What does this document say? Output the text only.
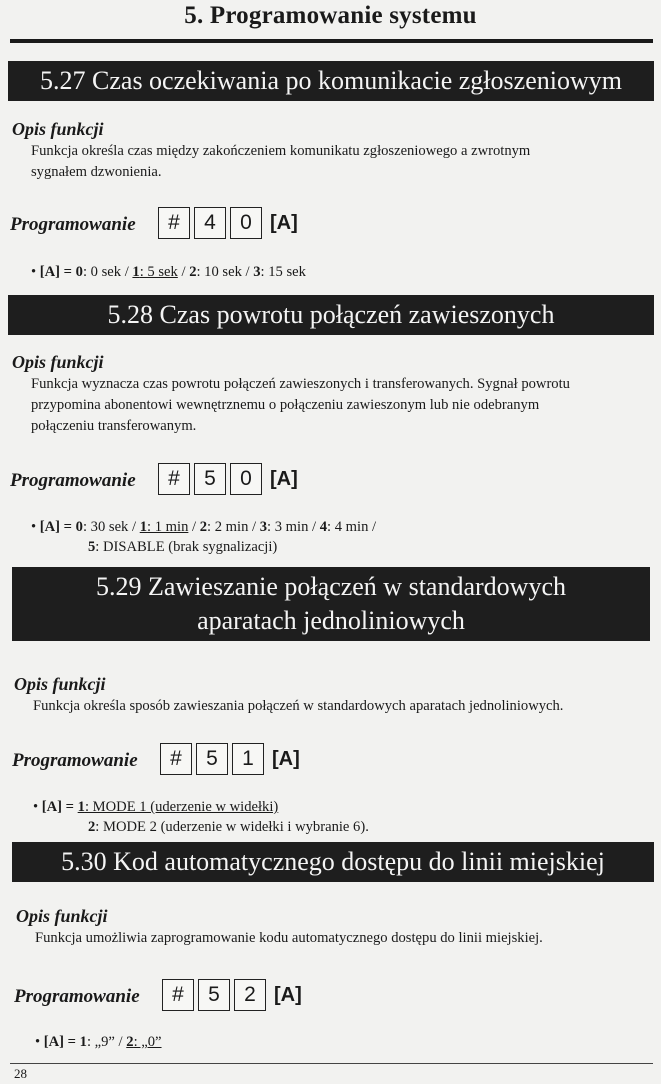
5. Programowanie systemu
5.27 Czas oczekiwania po komunikacie zgłoszeniowym
Opis funkcji
Funkcja określa czas między zakończeniem komunikatu zgłoszeniowego a zwrotnym
sygnałem dzwonienia.
Programowanie	#	4	0 [A]
• [A] = 0: 0 sek / 1: 5 sek / 2: 10 sek / 3: 15 sek
5.28 Czas powrotu połączeń zawieszonych
Opis funkcji
Funkcja wyznacza czas powrotu połączeń zawieszonych i transferowanych. Sygnał powrotu
przypomina abonentowi wewnętrznemu o połączeniu zawieszonym lub nie odebranym
połączeniu transferowanym.
Programowanie	#	5	0 [A]
• [A] = 0: 30 sek / 1: 1 min / 2: 2 min / 3: 3 min / 4: 4 min /
5: DISABLE (brak sygnalizacji)
5.29 Zawieszanie połączeń w standardowych
aparatach jednoliniowych
Opis funkcji
Funkcja określa sposób zawieszania połączeń w standardowych aparatach jednoliniowych.
Programowanie	#	5	1 [A]
• [A] = 1: MODE 1 (uderzenie w widełki)
2: MODE 2 (uderzenie w widełki i wybranie 6).
5.30 Kod automatycznego dostępu do linii miejskiej
Opis funkcji
Funkcja umożliwia zaprogramowanie kodu automatycznego dostępu do linii miejskiej.
Programowanie	#	5	2 [A]
• [A] = 1: „9” / 2: „0”
28
